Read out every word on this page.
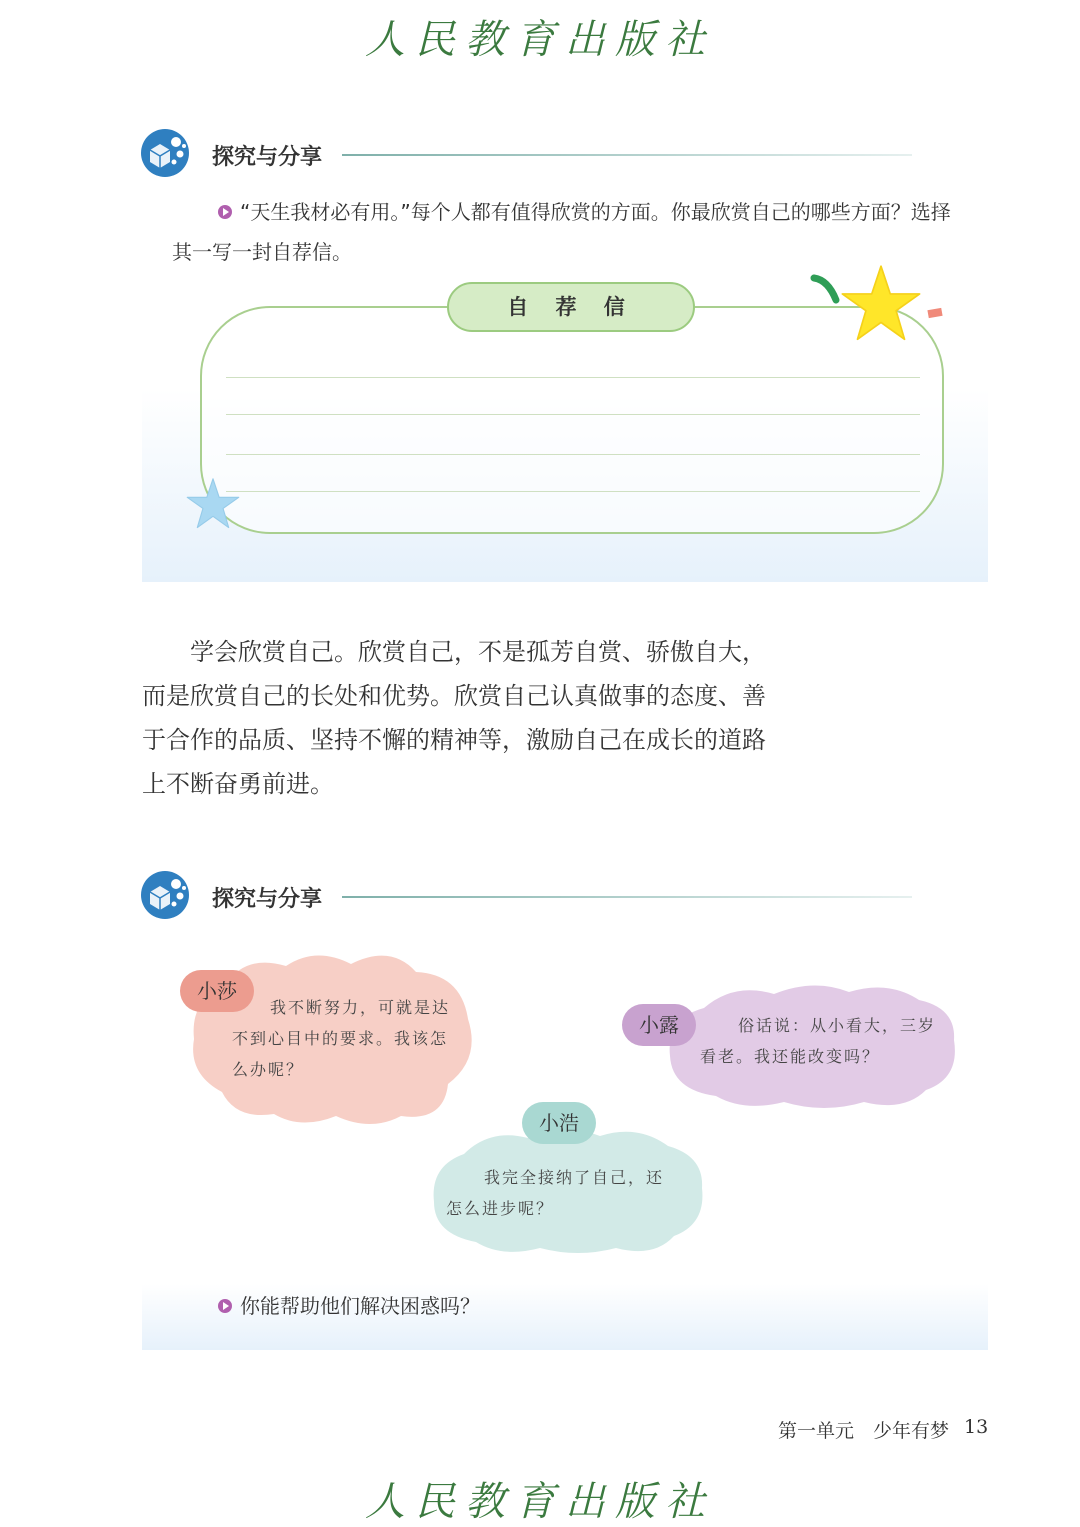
人民教育出版社
探究与分享
“天生我材必有用。”每个人都有值得欣赏的方面。你最欣赏自己的哪些方面？选择其一写一封自荐信。
自 荐 信
学会欣赏自己。欣赏自己，不是孤芳自赏、骄傲自大，而是欣赏自己的长处和优势。欣赏自己认真做事的态度、善于合作的品质、坚持不懈的精神等，激励自己在成长的道路上不断奋勇前进。
探究与分享
小莎
我不断努力，可就是达不到心目中的要求。我该怎么办呢？
小露	俗话说：从小看大，三岁看老。我还能改变吗？
小浩
我完全接纳了自己，还怎么进步呢？
你能帮助他们解决困惑吗？
第一单元　少年有梦 13
人民教育出版社
